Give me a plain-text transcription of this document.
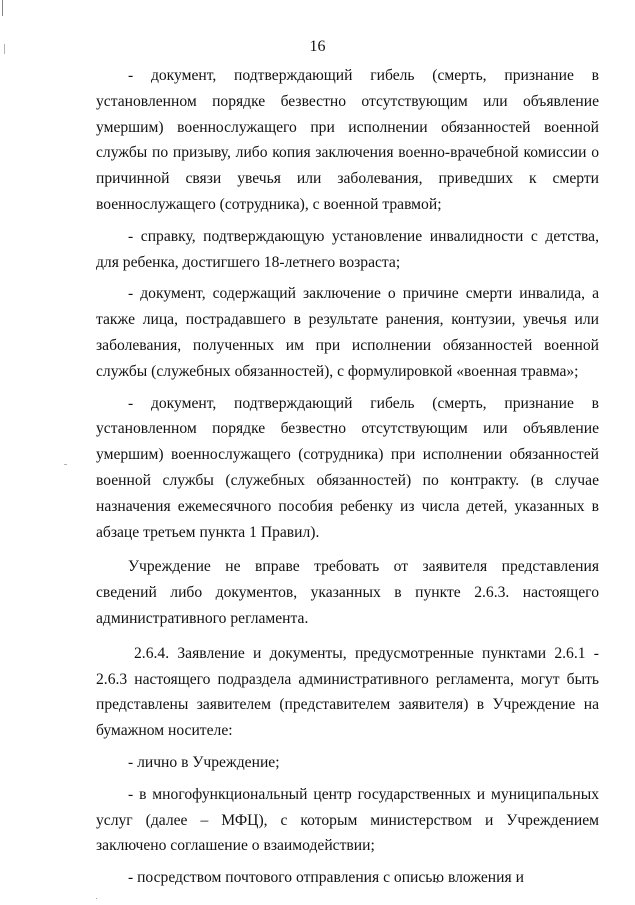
16

- документ, подтверждающий гибель (смерть, признание в установленном порядке безвестно отсутствующим или объявление умершим) военнослужащего при исполнении обязанностей военной службы по призыву, либо копия заключения военно-врачебной комиссии о причинной связи увечья или заболевания, приведших к смерти военнослужащего (сотрудника), с военной травмой;

- справку, подтверждающую установление инвалидности с детства, для ребенка, достигшего 18-летнего возраста;

- документ, содержащий заключение о причине смерти инвалида, а также лица, пострадавшего в результате ранения, контузии, увечья или заболевания, полученных им при исполнении обязанностей военной службы (служебных обязанностей), с формулировкой «военная травма»;

- документ, подтверждающий гибель (смерть, признание в установленном порядке безвестно отсутствующим или объявление умершим) военнослужащего (сотрудника) при исполнении обязанностей военной службы (служебных обязанностей) по контракту. (в случае назначения ежемесячного пособия ребенку из числа детей, указанных в абзаце третьем пункта 1 Правил).

Учреждение не вправе требовать от заявителя представления сведений либо документов, указанных в пункте 2.6.3. настоящего административного регламента.

2.6.4. Заявление и документы, предусмотренные пунктами 2.6.1 - 2.6.3 настоящего подраздела административного регламента, могут быть представлены заявителем (представителем заявителя) в Учреждение на бумажном носителе:

- лично в Учреждение;

- в многофункциональный центр государственных и муниципальных услуг (далее – МФЦ), с которым министерством и Учреждением заключено соглашение о взаимодействии;

- посредством почтового отправления с описью вложения и
